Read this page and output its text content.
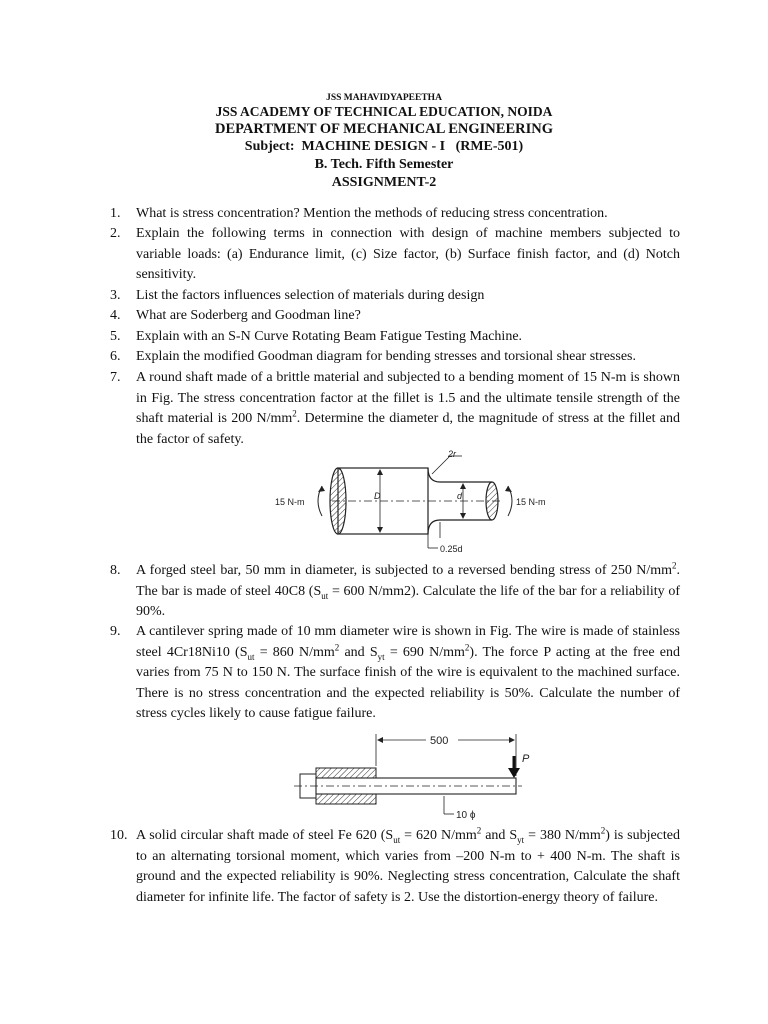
JSS MAHAVIDYAPEETHA
JSS ACADEMY OF TECHNICAL EDUCATION, NOIDA
DEPARTMENT OF MECHANICAL ENGINEERING
Subject:  MACHINE DESIGN - I   (RME-501)
B. Tech. Fifth Semester
ASSIGNMENT-2
1. What is stress concentration? Mention the methods of reducing stress concentration.
2. Explain the following terms in connection with design of machine members subjected to variable loads: (a) Endurance limit, (c) Size factor, (b) Surface finish factor, and (d) Notch sensitivity.
3. List the factors influences selection of materials during design
4. What are Soderberg and Goodman line?
5. Explain with an S-N Curve Rotating Beam Fatigue Testing Machine.
6. Explain the modified Goodman diagram for bending stresses and torsional shear stresses.
7. A round shaft made of a brittle material and subjected to a bending moment of 15 N-m is shown in Fig. The stress concentration factor at the fillet is 1.5 and the ultimate tensile strength of the shaft material is 200 $N/mm^2$. Determine the diameter d, the magnitude of stress at the fillet and the factor of safety.
D	d
2r
0.25d
15 N-m	15 N-m
8. A forged steel bar, 50 mm in diameter, is subjected to a reversed bending stress of 250 $N/mm^2$. The bar is made of steel 40C8 ($S_{ut} = 600$ N/mm2). Calculate the life of the bar for a reliability of 90%.
9. A cantilever spring made of 10 mm diameter wire is shown in Fig. The wire is made of stainless steel 4Cr18Ni10 ($S_{ut} = 860$ $N/mm^2$ and $S_{yt} = 690$ $N/mm^2$). The force P acting at the free end varies from 75 N to 150 N. The surface finish of the wire is equivalent to the machined surface. There is no stress concentration and the expected reliability is 50%. Calculate the number of stress cycles likely to cause fatigue failure.
500
P
10 ϕ
10. A solid circular shaft made of steel Fe 620 ($S_{ut} = 620$ $N/mm^2$ and $S_{yt} = 380$ $N/mm^2$) is subjected to an alternating torsional moment, which varies from –200 N-m to + 400 N-m. The shaft is ground and the expected reliability is 90%. Neglecting stress concentration, Calculate the shaft diameter for infinite life. The factor of safety is 2. Use the distortion-energy theory of failure.
